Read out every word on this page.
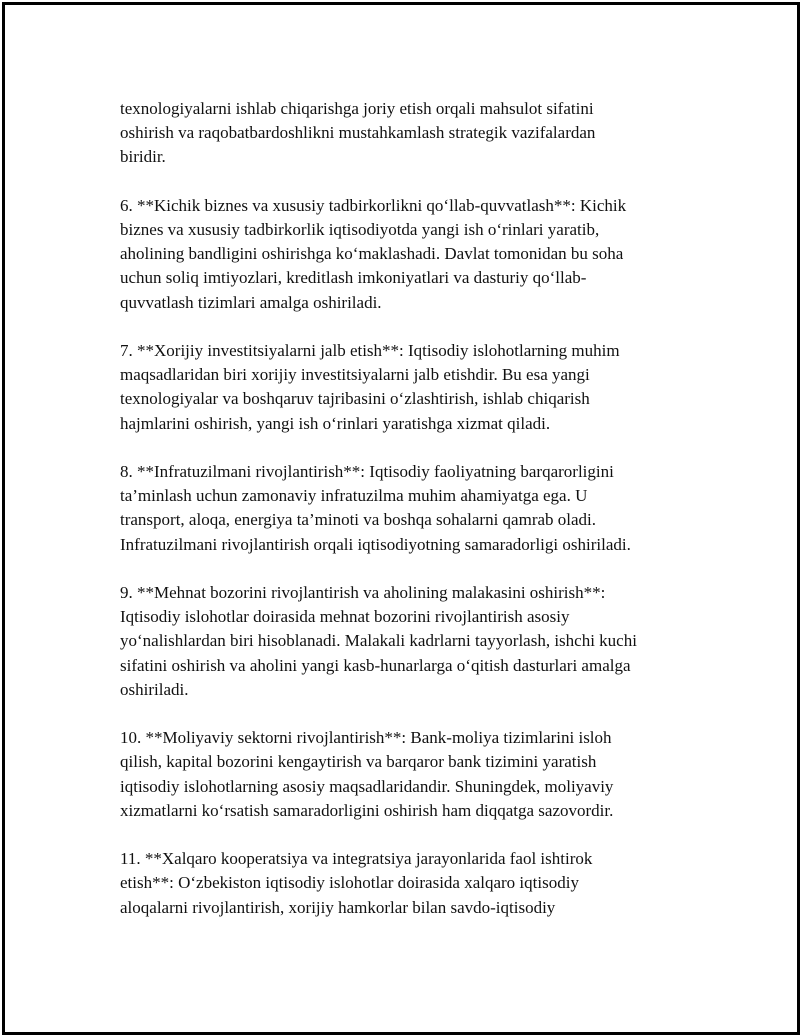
texnologiyalarni ishlab chiqarishga joriy etish orqali mahsulot sifatini
oshirish va raqobatbardoshlikni mustahkamlash strategik vazifalardan
biridir.

6. **Kichik biznes va xususiy tadbirkorlikni qo‘llab-quvvatlash**: Kichik
biznes va xususiy tadbirkorlik iqtisodiyotda yangi ish o‘rinlari yaratib,
aholining bandligini oshirishga ko‘maklashadi. Davlat tomonidan bu soha
uchun soliq imtiyozlari, kreditlash imkoniyatlari va dasturiy qo‘llab-
quvvatlash tizimlari amalga oshiriladi.

7. **Xorijiy investitsiyalarni jalb etish**: Iqtisodiy islohotlarning muhim
maqsadlaridan biri xorijiy investitsiyalarni jalb etishdir. Bu esa yangi
texnologiyalar va boshqaruv tajribasini o‘zlashtirish, ishlab chiqarish
hajmlarini oshirish, yangi ish o‘rinlari yaratishga xizmat qiladi.

8. **Infratuzilmani rivojlantirish**: Iqtisodiy faoliyatning barqarorligini
ta’minlash uchun zamonaviy infratuzilma muhim ahamiyatga ega. U
transport, aloqa, energiya ta’minoti va boshqa sohalarni qamrab oladi.
Infratuzilmani rivojlantirish orqali iqtisodiyotning samaradorligi oshiriladi.

9. **Mehnat bozorini rivojlantirish va aholining malakasini oshirish**:
Iqtisodiy islohotlar doirasida mehnat bozorini rivojlantirish asosiy
yo‘nalishlardan biri hisoblanadi. Malakali kadrlarni tayyorlash, ishchi kuchi
sifatini oshirish va aholini yangi kasb-hunarlarga o‘qitish dasturlari amalga
oshiriladi.

10. **Moliyaviy sektorni rivojlantirish**: Bank-moliya tizimlarini isloh
qilish, kapital bozorini kengaytirish va barqaror bank tizimini yaratish
iqtisodiy islohotlarning asosiy maqsadlaridandir. Shuningdek, moliyaviy
xizmatlarni ko‘rsatish samaradorligini oshirish ham diqqatga sazovordir.

11. **Xalqaro kooperatsiya va integratsiya jarayonlarida faol ishtirok
etish**: O‘zbekiston iqtisodiy islohotlar doirasida xalqaro iqtisodiy
aloqalarni rivojlantirish, xorijiy hamkorlar bilan savdo-iqtisodiy
